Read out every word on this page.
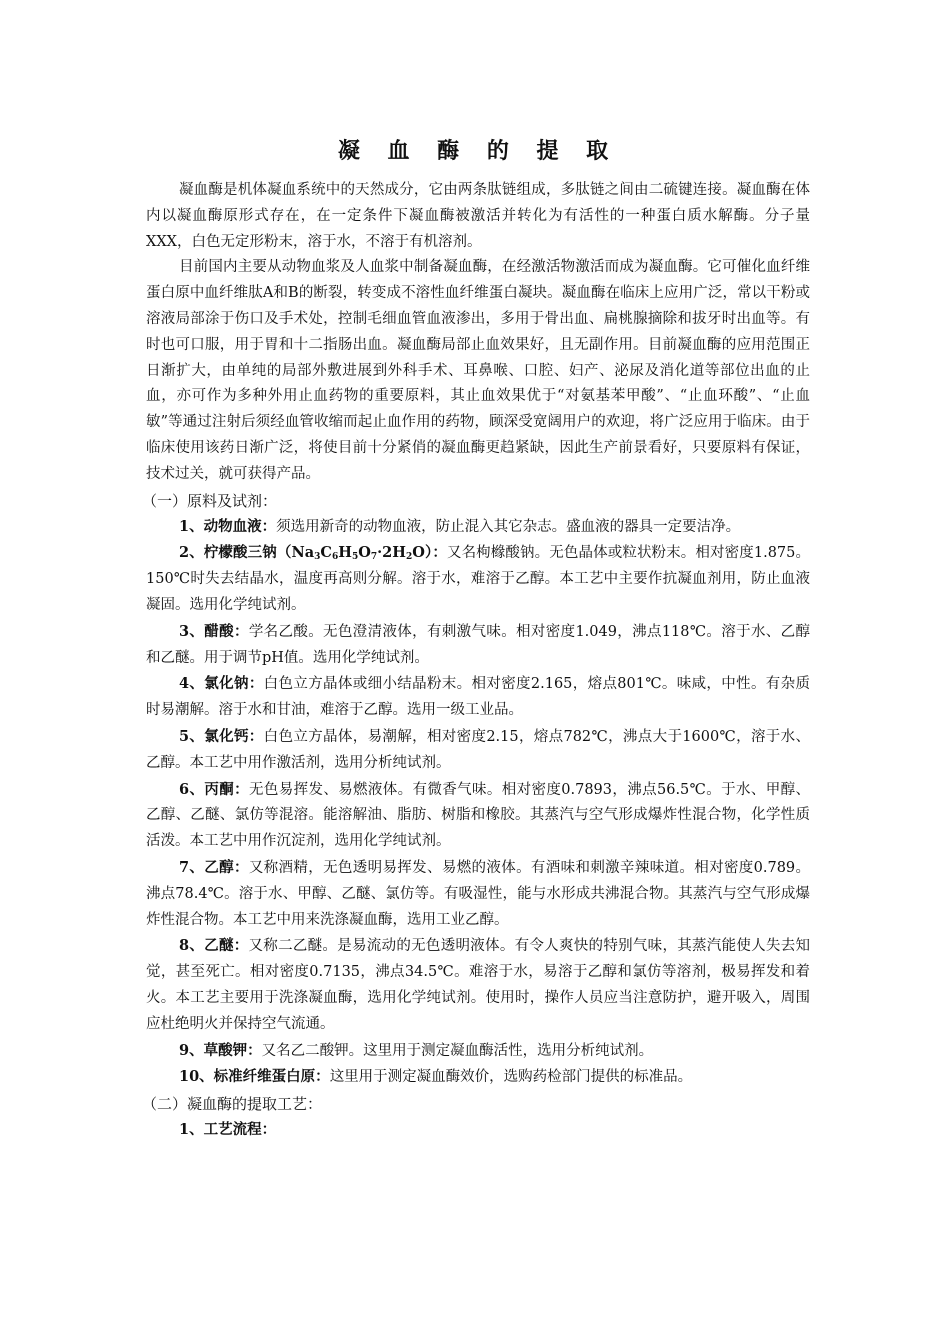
凝 血 酶 的 提 取

凝血酶是机体凝血系统中的天然成分，它由两条肽链组成，多肽链之间由二硫键连接。凝血酶在体内以凝血酶原形式存在，在一定条件下凝血酶被激活并转化为有活性的一种蛋白质水解酶。分子量XXX，白色无定形粉末，溶于水，不溶于有机溶剂。

目前国内主要从动物血浆及人血浆中制备凝血酶，在经激活物激活而成为凝血酶。它可催化血纤维蛋白原中血纤维肽A和B的断裂，转变成不溶性血纤维蛋白凝块。凝血酶在临床上应用广泛，常以干粉或溶液局部涂于伤口及手术处，控制毛细血管血液渗出，多用于骨出血、扁桃腺摘除和拔牙时出血等。有时也可口服，用于胃和十二指肠出血。凝血酶局部止血效果好，且无副作用。目前凝血酶的应用范围正日渐扩大，由单纯的局部外敷进展到外科手术、耳鼻喉、口腔、妇产、泌尿及消化道等部位出血的止血，亦可作为多种外用止血药物的重要原料，其止血效果优于“对氨基苯甲酸”、“止血环酸”、“止血敏”等通过注射后须经血管收缩而起止血作用的药物，顾深受宽阔用户的欢迎，将广泛应用于临床。由于临床使用该药日渐广泛，将使目前十分紧俏的凝血酶更趋紧缺，因此生产前景看好，只要原料有保证，技术过关，就可获得产品。

（一）原料及试剂：

1、动物血液：须选用新奇的动物血液，防止混入其它杂志。盛血液的器具一定要洁净。

2、柠檬酸三钠$(Na_3C_6H_5O_7\cdot 2H_2O)$：又名枸橼酸钠。无色晶体或粒状粉末。相对密度1.875。150℃时失去结晶水，温度再高则分解。溶于水，难溶于乙醇。本工艺中主要作抗凝血剂用，防止血液凝固。选用化学纯试剂。

3、醋酸：学名乙酸。无色澄清液体，有刺激气味。相对密度1.049，沸点118℃。溶于水、乙醇和乙醚。用于调节pH值。选用化学纯试剂。

4、氯化钠：白色立方晶体或细小结晶粉末。相对密度2.165，熔点801℃。味咸，中性。有杂质时易潮解。溶于水和甘油，难溶于乙醇。选用一级工业品。

5、氯化钙：白色立方晶体，易潮解，相对密度2.15，熔点782℃，沸点大于1600℃，溶于水、乙醇。本工艺中用作激活剂，选用分析纯试剂。

6、丙酮：无色易挥发、易燃液体。有微香气味。相对密度0.7893，沸点56.5℃。于水、甲醇、乙醇、乙醚、氯仿等混溶。能溶解油、脂肪、树脂和橡胶。其蒸汽与空气形成爆炸性混合物，化学性质活泼。本工艺中用作沉淀剂，选用化学纯试剂。

7、乙醇：又称酒精，无色透明易挥发、易燃的液体。有酒味和刺激辛辣味道。相对密度0.789。沸点78.4℃。溶于水、甲醇、乙醚、氯仿等。有吸湿性，能与水形成共沸混合物。其蒸汽与空气形成爆炸性混合物。本工艺中用来洗涤凝血酶，选用工业乙醇。

8、乙醚：又称二乙醚。是易流动的无色透明液体。有令人爽快的特别气味，其蒸汽能使人失去知觉，甚至死亡。相对密度0.7135，沸点34.5℃。难溶于水，易溶于乙醇和氯仿等溶剂，极易挥发和着火。本工艺主要用于洗涤凝血酶，选用化学纯试剂。使用时，操作人员应当注意防护，避开吸入，周围应杜绝明火并保持空气流通。

9、草酸钾：又名乙二酸钾。这里用于测定凝血酶活性，选用分析纯试剂。

10、标准纤维蛋白原：这里用于测定凝血酶效价，选购药检部门提供的标准品。

（二）凝血酶的提取工艺：

1、工艺流程：
